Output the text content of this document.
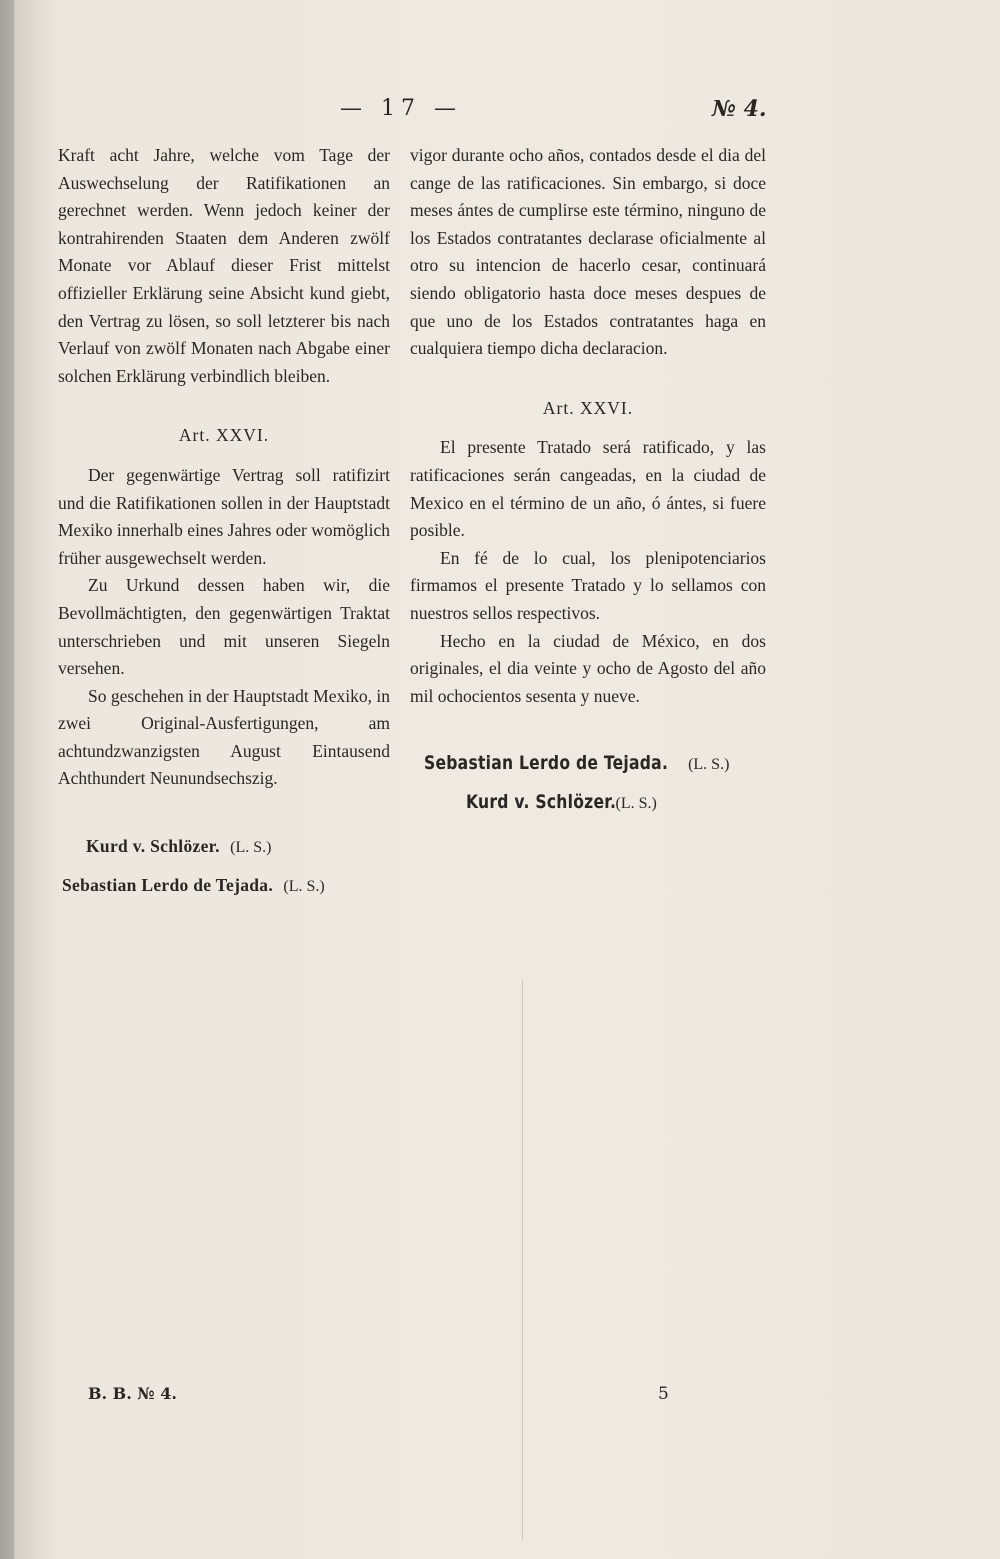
— 17 —	№ 4.

Kraft acht Jahre, welche vom Tage der Auswechselung der Ratifikationen an gerechnet werden. Wenn jedoch keiner der kontrahirenden Staaten dem Anderen zwölf Monate vor Ablauf dieser Frist mittelst offizieller Erklärung seine Absicht kund giebt, den Vertrag zu lösen, so soll letzterer bis nach Verlauf von zwölf Monaten nach Abgabe einer solchen Erklärung verbindlich bleiben.

Art. XXVI.

Der gegenwärtige Vertrag soll ratifizirt und die Ratifikationen sollen in der Hauptstadt Mexiko innerhalb eines Jahres oder womöglich früher ausgewechselt werden.

Zu Urkund dessen haben wir, die Bevollmächtigten, den gegenwärtigen Traktat unterschrieben und mit unseren Siegeln versehen.

So geschehen in der Hauptstadt Mexiko, in zwei Original-Ausfertigungen, am achtundzwanzigsten August Eintausend Achthundert Neunundsechszig.

Kurd v. Schlözer. (L. S.)

Sebastian Lerdo de Tejada. (L. S.)

vigor durante ocho años, contados desde el dia del cange de las ratificaciones. Sin embargo, si doce meses ántes de cumplirse este término, ninguno de los Estados contratantes declarase oficialmente al otro su intencion de hacerlo cesar, continuará siendo obligatorio hasta doce meses despues de que uno de los Estados contratantes haga en cualquiera tiempo dicha declaracion.

Art. XXVI.

El presente Tratado será ratificado, y las ratificaciones serán cangeadas, en la ciudad de Mexico en el término de un año, ó ántes, si fuere posible.

En fé de lo cual, los plenipotenciarios firmamos el presente Tratado y lo sellamos con nuestros sellos respectivos.

Hecho en la ciudad de México, en dos originales, el dia veinte y ocho de Agosto del año mil ochocientos sesenta y nueve.

Sebastian Lerdo de Tejada. (L. S.)

Kurd v. Schlözer. (L. S.)

B. B. № 4.	5
